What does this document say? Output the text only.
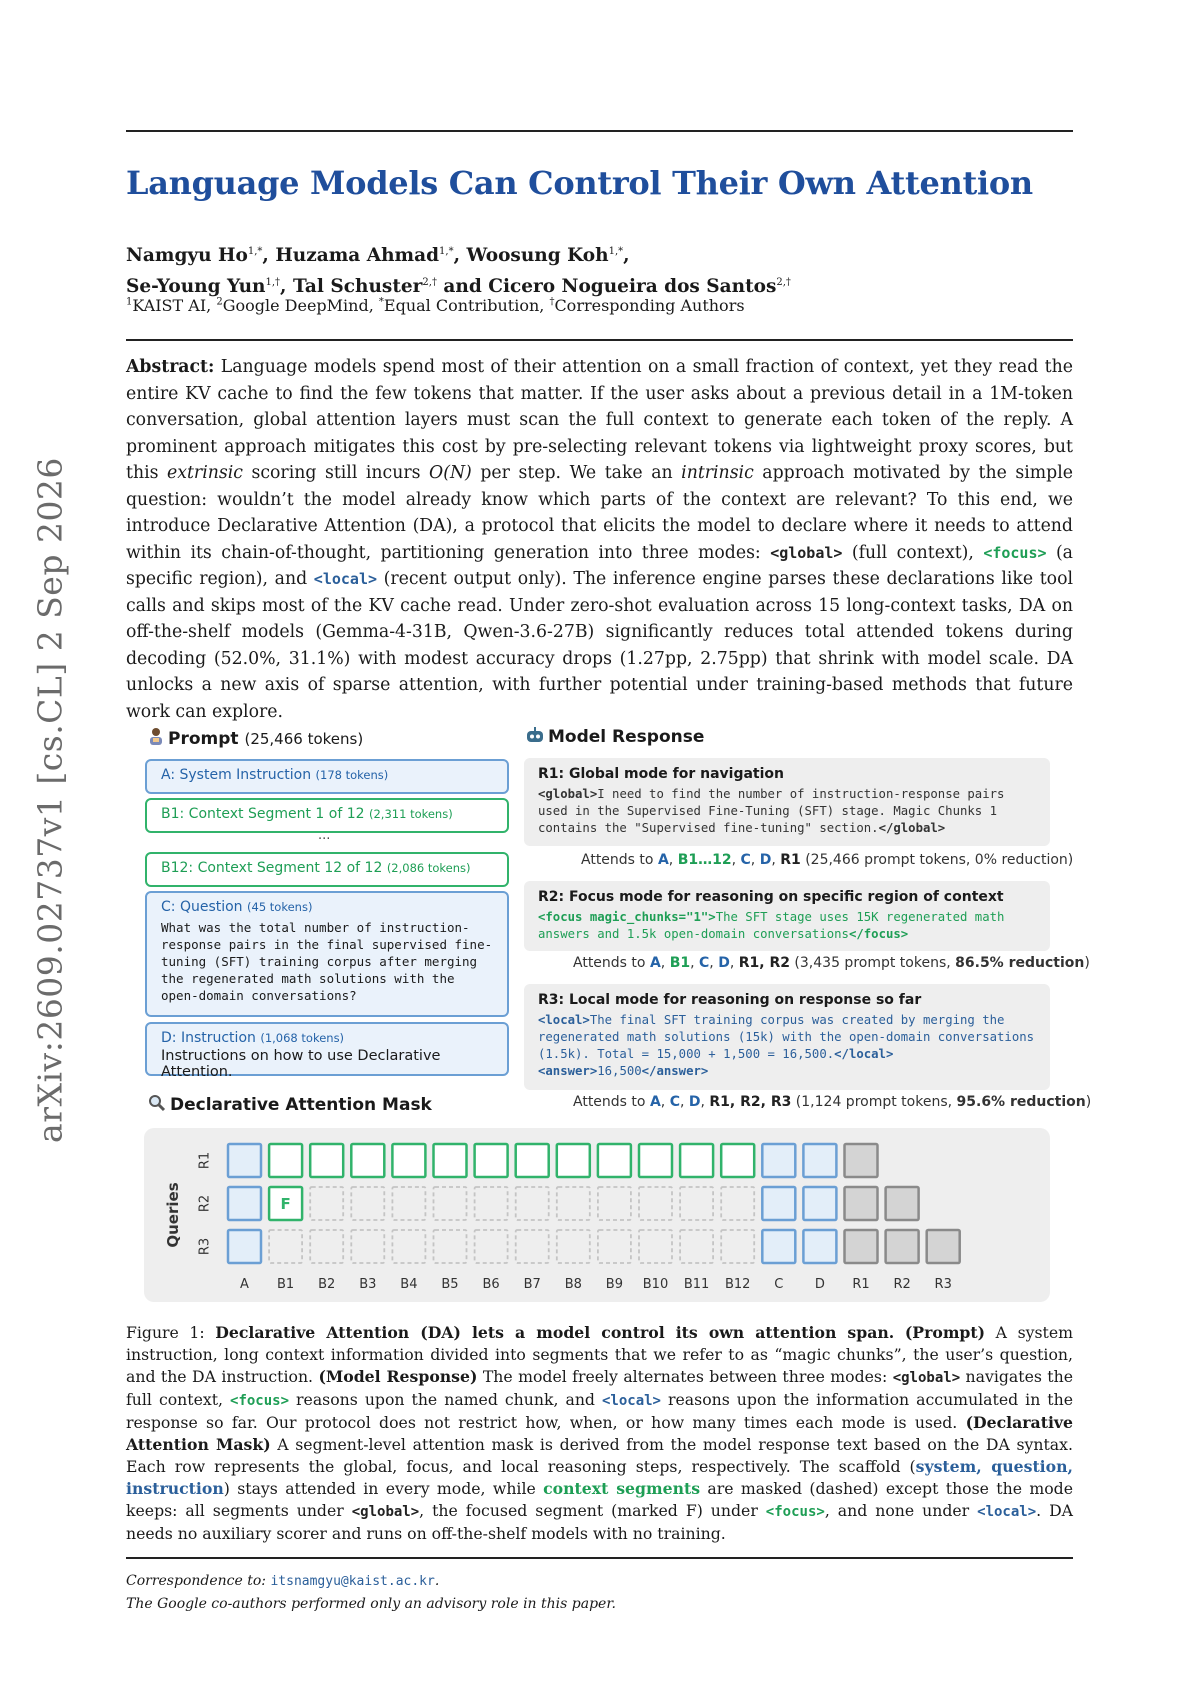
arXiv:2609.02737v1 [cs.CL] 2 Sep 2026
Language Models Can Control Their Own Attention
Namgyu $Ho^{1,*}$, Huzama Ahmad$^{1,*}$, Woosung Koh$^{1,*}$,
Se-Young Yun$^{1,\dagger}$, Tal Schuster$^{2,\dagger}$ and Cicero Nogueira dos Santos$^{2,\dagger}$
$^1$KAIST AI, $^2$Google DeepMind, *Equal Contribution, †Corresponding Authors
Abstract: Language models spend most of their attention on a small fraction of context, yet they read the entire KV cache to find the few tokens that matter. If the user asks about a previous detail in a 1M-token conversation, global attention layers must scan the full context to generate each token of the reply. A prominent approach mitigates this cost by pre-selecting relevant tokens via lightweight proxy scores, but this extrinsic scoring still incurs O(N) per step. We take an intrinsic approach motivated by the simple question: wouldn’t the model already know which parts of the context are relevant? To this end, we introduce Declarative Attention (DA), a protocol that elicits the model to declare where it needs to attend within its chain-of-thought, partitioning generation into three modes: <global> (full context), <focus> (a specific region), and <local> (recent output only). The inference engine parses these declarations like tool calls and skips most of the KV cache read. Under zero-shot evaluation across 15 long-context tasks, DA on off-the-shelf models (Gemma-4-31B, Qwen-3.6-27B) significantly reduces total attended tokens during decoding (52.0%, 31.1%) with modest accuracy drops (1.27pp, 2.75pp) that shrink with model scale. DA unlocks a new axis of sparse attention, with further potential under training-based methods that future work can explore.
Prompt (25,466 tokens)	Model Response
A: System Instruction (178 tokens)
B1: Context Segment 1 of 12 (2,311 tokens)
···
B12: Context Segment 12 of 12 (2,086 tokens)
C: Question (45 tokens)
What was the total number of instruction-response pairs in the final supervised fine-tuning (SFT) training corpus after merging the regenerated math solutions with the open-domain conversations?
D: Instruction (1,068 tokens)
Instructions on how to use Declarative Attention.
R1: Global mode for navigation
<global>I need to find the number of instruction-response pairs used in the Supervised Fine-Tuning (SFT) stage. Magic Chunks 1 contains the "Supervised fine-tuning" section.</global>
Attends to A, B1…12, C, D, R1 (25,466 prompt tokens, 0% reduction)
R2: Focus mode for reasoning on specific region of context
<focus magic_chunks="1">The SFT stage uses 15K regenerated math answers and 1.5k open-domain conversations</focus>
Attends to A, B1, C, D, R1, R2 (3,435 prompt tokens, 86.5% reduction)
R3: Local mode for reasoning on response so far
<local>The final SFT training corpus was created by merging the regenerated math solutions (15k) with the open-domain conversations (1.5k). Total = 15,000 + 1,500 = 16,500.</local>
<answer>16,500</answer>
Attends to A, C, D, R1, R2, R3 (1,124 prompt tokens, 95.6% reduction)
Declarative Attention Mask
Queries
R1
R2
R3
A B1 B2 B3 B4 B5 B6 B7 B8 B9 B10 B11 B12 C D R1 R2 R3
F
Figure 1: Declarative Attention (DA) lets a model control its own attention span. (Prompt) A system instruction, long context information divided into segments that we refer to as “magic chunks”, the user’s question, and the DA instruction. (Model Response) The model freely alternates between three modes: <global> navigates the full context, <focus> reasons upon the named chunk, and <local> reasons upon the information accumulated in the response so far. Our protocol does not restrict how, when, or how many times each mode is used. (Declarative Attention Mask) A segment-level attention mask is derived from the model response text based on the DA syntax. Each row represents the global, focus, and local reasoning steps, respectively. The scaffold (system, question, instruction) stays attended in every mode, while context segments are masked (dashed) except those the mode keeps: all segments under <global>, the focused segment (marked F) under <focus>, and none under <local>. DA needs no auxiliary scorer and runs on off-the-shelf models with no training.
Correspondence to: itsnamgyu@kaist.ac.kr.
The Google co-authors performed only an advisory role in this paper.
